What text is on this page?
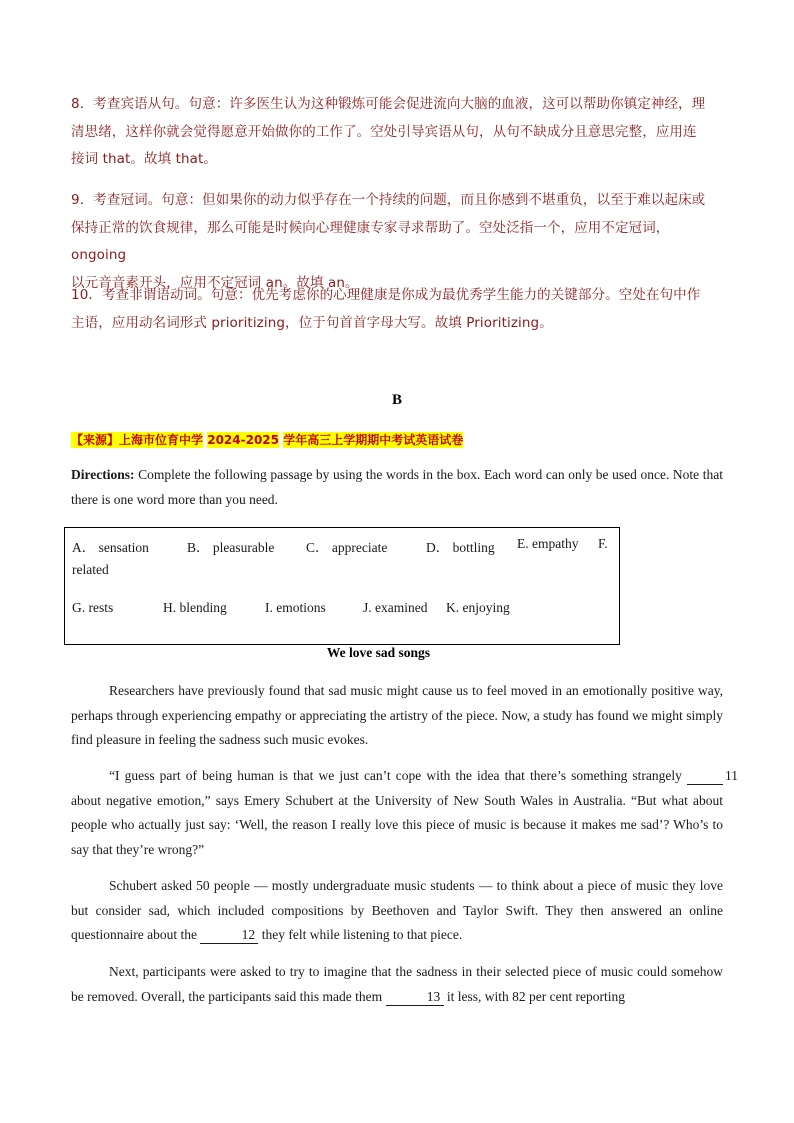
8．考查宾语从句。句意：许多医生认为这种锻炼可能会促进流向大脑的血液，这可以帮助你镇定神经，理

清思绪，这样你就会觉得愿意开始做你的工作了。空处引导宾语从句，从句不缺成分且意思完整，应用连

接词 that。故填 that。

9．考查冠词。句意：但如果你的动力似乎存在一个持续的问题，而且你感到不堪重负，以至于难以起床或

保持正常的饮食规律，那么可能是时候向心理健康专家寻求帮助了。空处泛指一个，应用不定冠词，ongoing

以元音音素开头，应用不定冠词 an。故填 an。

10．考查非谓语动词。句意：优先考虑你的心理健康是你成为最优秀学生能力的关键部分。空处在句中作

主语，应用动名词形式 prioritizing，位于句首首字母大写。故填 Prioritizing。

B
【来源】上海市位育中学 2024-2025 学年高三上学期期中考试英语试卷

Directions: Complete the following passage by using the words in the box. Each word can only be used once. Note that there is one word more than you need.

A． sensation	B． pleasurable C． appreciate	D． bottling E. empathy F.
related
G. rests	H. blending	I. emotions	J. examined K. enjoying
We love sad songs

Researchers have previously found that sad music might cause us to feel moved in an emotionally positive way, perhaps through experiencing empathy or appreciating the artistry of the piece. Now, a study has found we might simply find pleasure in feeling the sadness such music evokes.

“I guess part of being human is that we just can’t cope with the idea that there’s something strangely	11 about negative emotion,” says Emery Schubert at the University of New South Wales in Australia. “But what about people who actually just say: ‘Well, the reason I really love this piece of music is because it makes me sad’? Who’s to say that they’re wrong?”

Schubert asked 50 people — mostly undergraduate music students — to think about a piece of music they love but consider sad, which included compositions by Beethoven and Taylor Swift. They then answered an online questionnaire about the	12 they felt while listening to that piece.

Next, participants were asked to try to imagine that the sadness in their selected piece of music could somehow be removed. Overall, the participants said this made them	13 it less, with 82 per cent reporting
